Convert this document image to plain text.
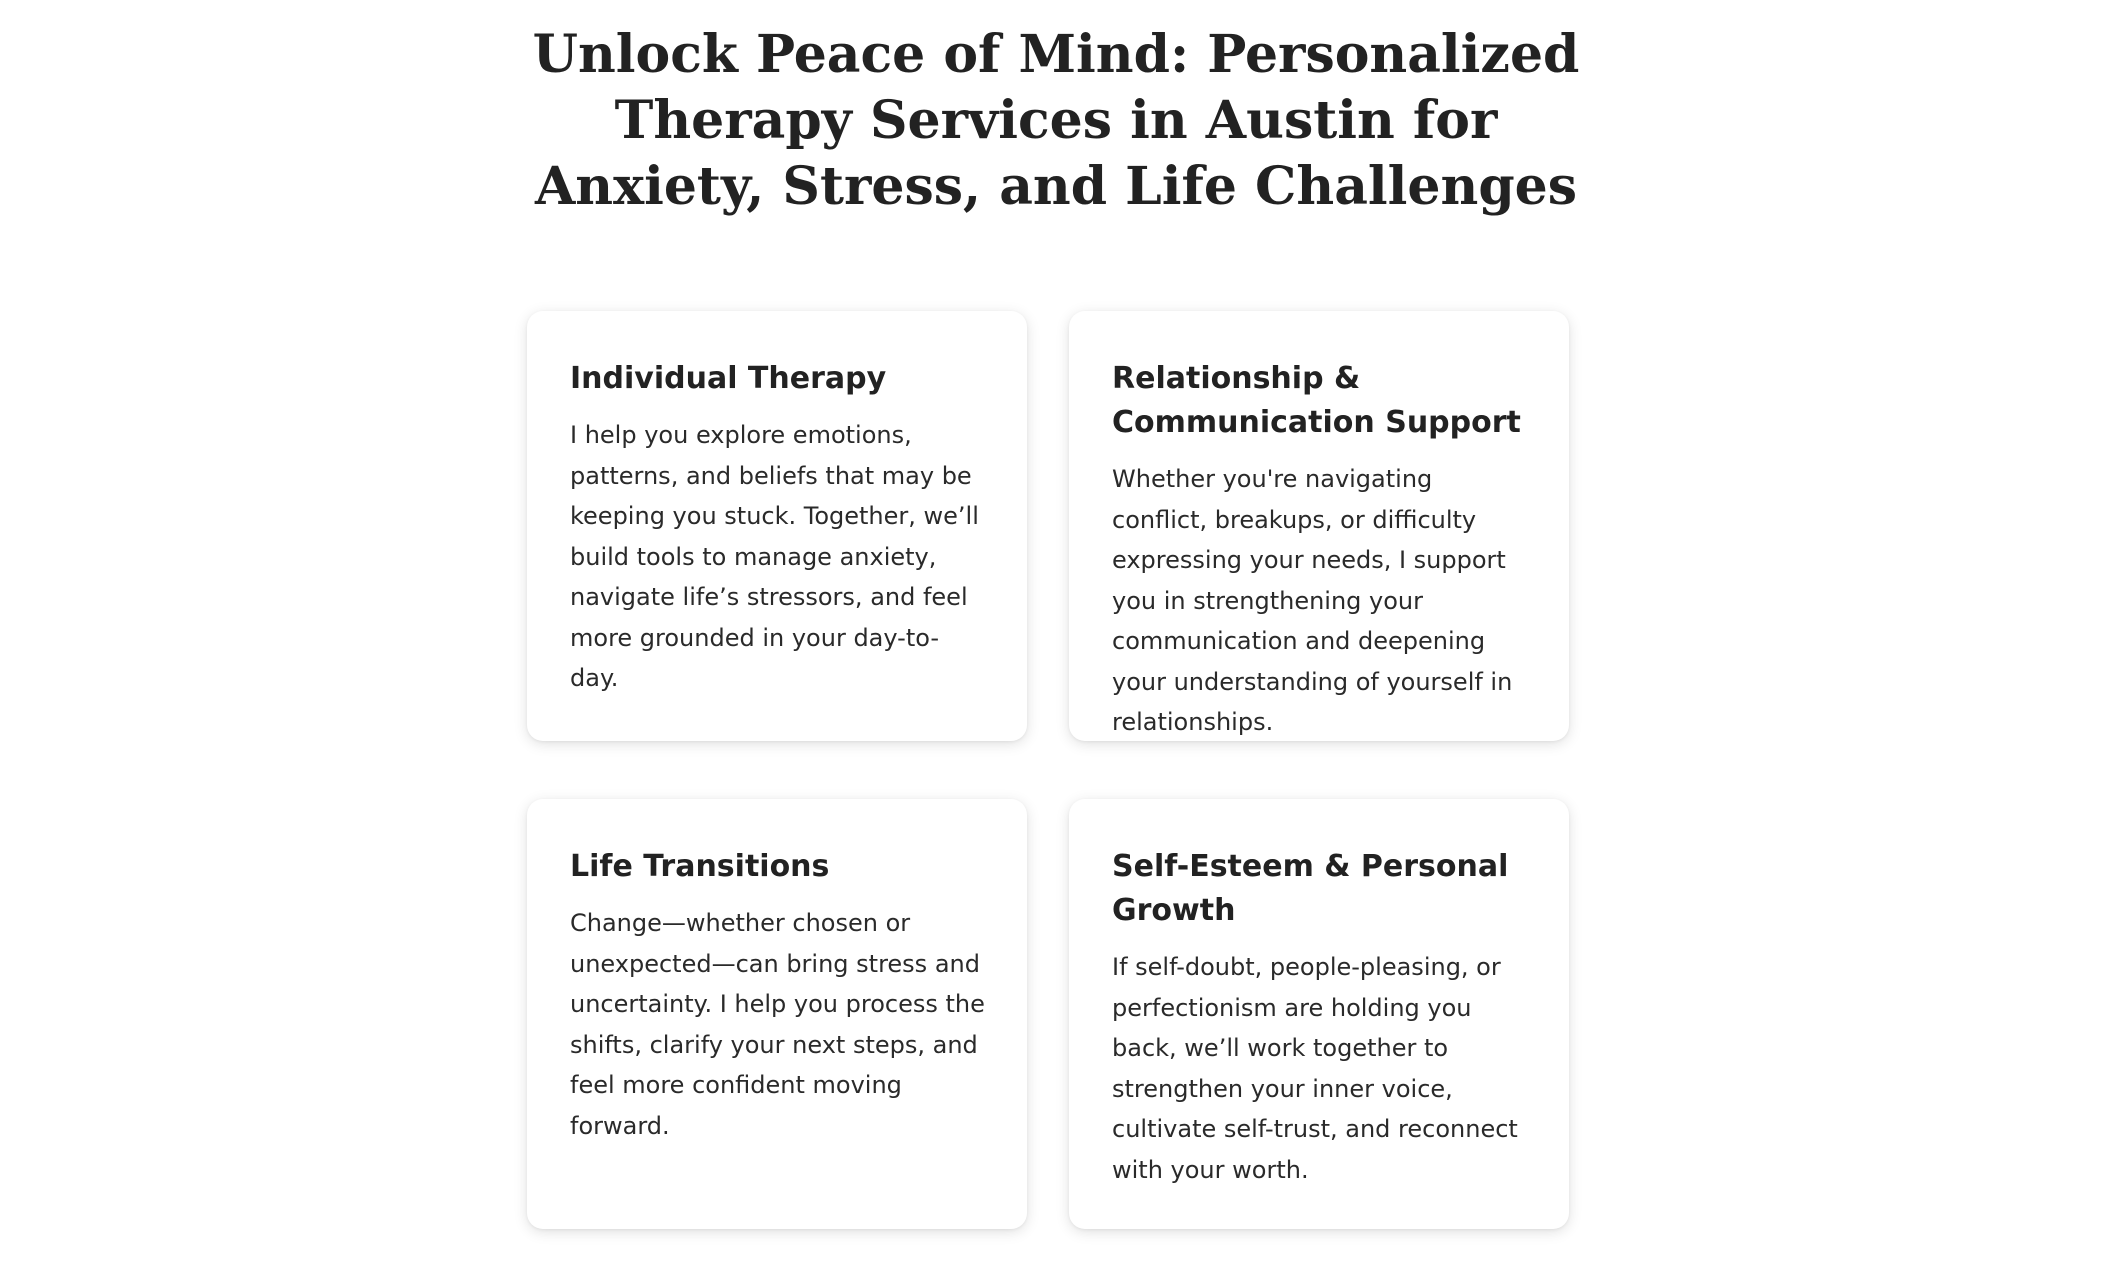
Unlock Peace of Mind: Personalized
Therapy Services in Austin for
Anxiety, Stress, and Life Challenges
Individual Therapy

I help you explore emotions, patterns, and beliefs that may be keeping you stuck. Together, we’ll build tools to manage anxiety, navigate life’s stressors, and feel more grounded in your day-to-day.

Relationship & Communication Support

Whether you're navigating conflict, breakups, or difficulty expressing your needs, I support you in strengthening your communication and deepening your understanding of yourself in relationships.

Life Transitions

Change—whether chosen or unexpected—can bring stress and uncertainty. I help you process the shifts, clarify your next steps, and feel more confident moving forward.

Self-Esteem & Personal Growth

If self-doubt, people-pleasing, or perfectionism are holding you back, we’ll work together to strengthen your inner voice, cultivate self-trust, and reconnect with your worth.
